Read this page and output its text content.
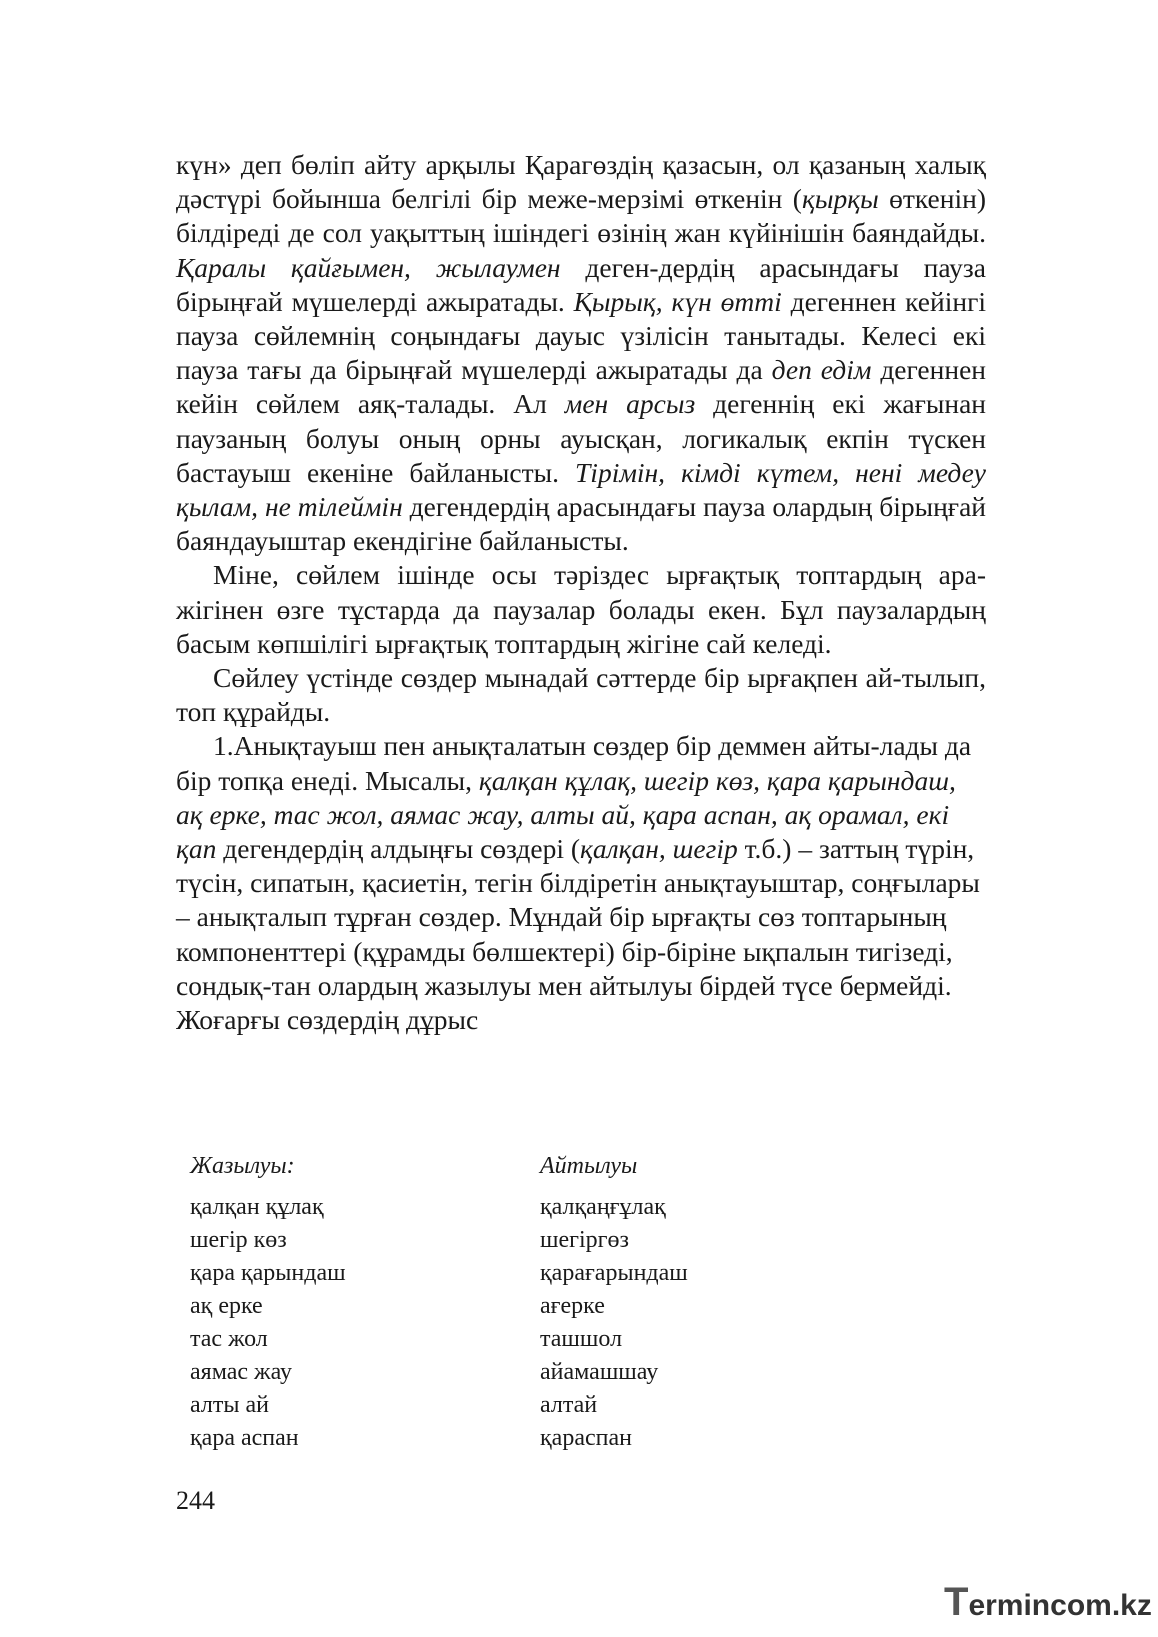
күн» деп бөліп айту арқылы Қарагөздің қазасын, ол қазаның халық дәстүрі бойынша белгілі бір меже-мерзімі өткенін (қырқы өткенін) білдіреді де сол уақыттың ішіндегі өзінің жан күйінішін баяндайды. Қаралы қайғымен, жылаумен деген-дердің арасындағы пауза бірыңғай мүшелерді ажыратады. Қырық, күн өтті дегеннен кейінгі пауза сөйлемнің соңындағы дауыс үзілісін танытады. Келесі екі пауза тағы да бірыңғай мүшелерді ажыратады да деп едім дегеннен кейін сөйлем аяқ-талады. Ал мен арсыз дегеннің екі жағынан паузаның болуы оның орны ауысқан, логикалық екпін түскен бастауыш екеніне байланысты. Тірімін, кімді күтем, нені медеу қылам, не тілеймін дегендердің арасындағы пауза олардың бірыңғай баяндауыштар екендігіне байланысты.

Міне, сөйлем ішінде осы тәріздес ырғақтық топтардың ара-жігінен өзге тұстарда да паузалар болады екен. Бұл паузалардың басым көпшілігі ырғақтық топтардың жігіне сай келеді.

Сөйлеу үстінде сөздер мынадай сәттерде бір ырғақпен ай-тылып, топ құрайды.

1.Анықтауыш пен анықталатын сөздер бір деммен айты-лады да бір топқа енеді. Мысалы, қалқан құлақ, шегір көз, қара қарындаш, ақ ерке, тас жол, аямас жау, алты ай, қара аспан, ақ орамал, екі қап дегендердің алдыңғы сөздері (қалқан, шегір т.б.) – заттың түрін, түсін, сипатын, қасиетін, тегін білдіретін анықтауыштар, соңғылары – анықталып тұрған сөздер. Мұндай бір ырғақты сөз топтарының компоненттері (құрамды бөлшектері) бір-біріне ықпалын тигізеді, сондық-тан олардың жазылуы мен айтылуы бірдей түсе бермейді. Жоғарғы сөздердің дұрыс

Жазылуы:	Айтылуы
қалқан құлақ	қалқаңғұлақ
шегір көз	шегіргөз
қара қарындаш	қарағарындаш
ақ ерке	ағерке
тас жол	ташшол
аямас жау	айамашшау
алты ай	алтай
қара аспан	қараспан
244
T erminc o m.kz
